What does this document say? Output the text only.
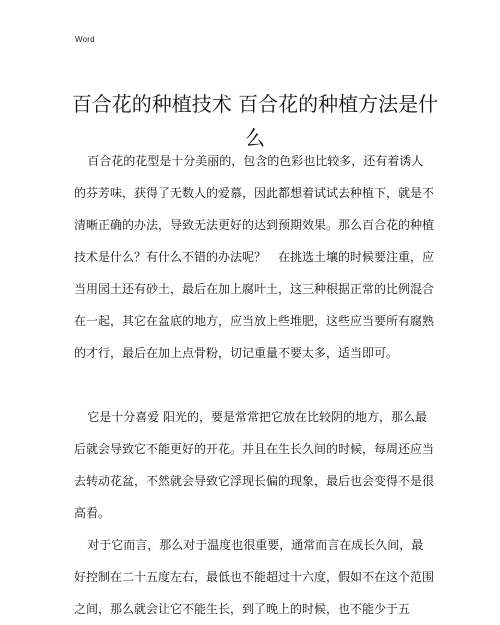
Word
百合花的种植技术 百合花的种植方法是什么

百合花的花型是十分美丽的，包含的色彩也比较多，还有着诱人的芬芳味，获得了无数人的爱慕，因此都想着试试去种植下，就是不清晰正确的办法，导致无法更好的达到预期效果。那么百合花的种植技术是什么？有什么不错的办法呢？　在挑选土壤的时候要注重，应当用园土还有砂土，最后在加上腐叶土，这三种根据正常的比例混合在一起，其它在盆底的地方，应当放上些堆肥，这些应当要所有腐熟的才行，最后在加上点骨粉，切记重量不要太多，适当即可。

它是十分喜爱 阳光的，要是常常把它放在比较阴的地方，那么最后就会导致它不能更好的开花。并且在生长久间的时候，每周还应当去转动花盆，不然就会导致它浮现长偏的现象，最后也会变得不是很高看。

对于它而言，那么对于温度也很重要，通常而言在成长久间，最好控制在二十五度左右，最低也不能超过十六度，假如不在这个范围之间，那么就会让它不能生长，到了晚上的时候，也不能少于五
